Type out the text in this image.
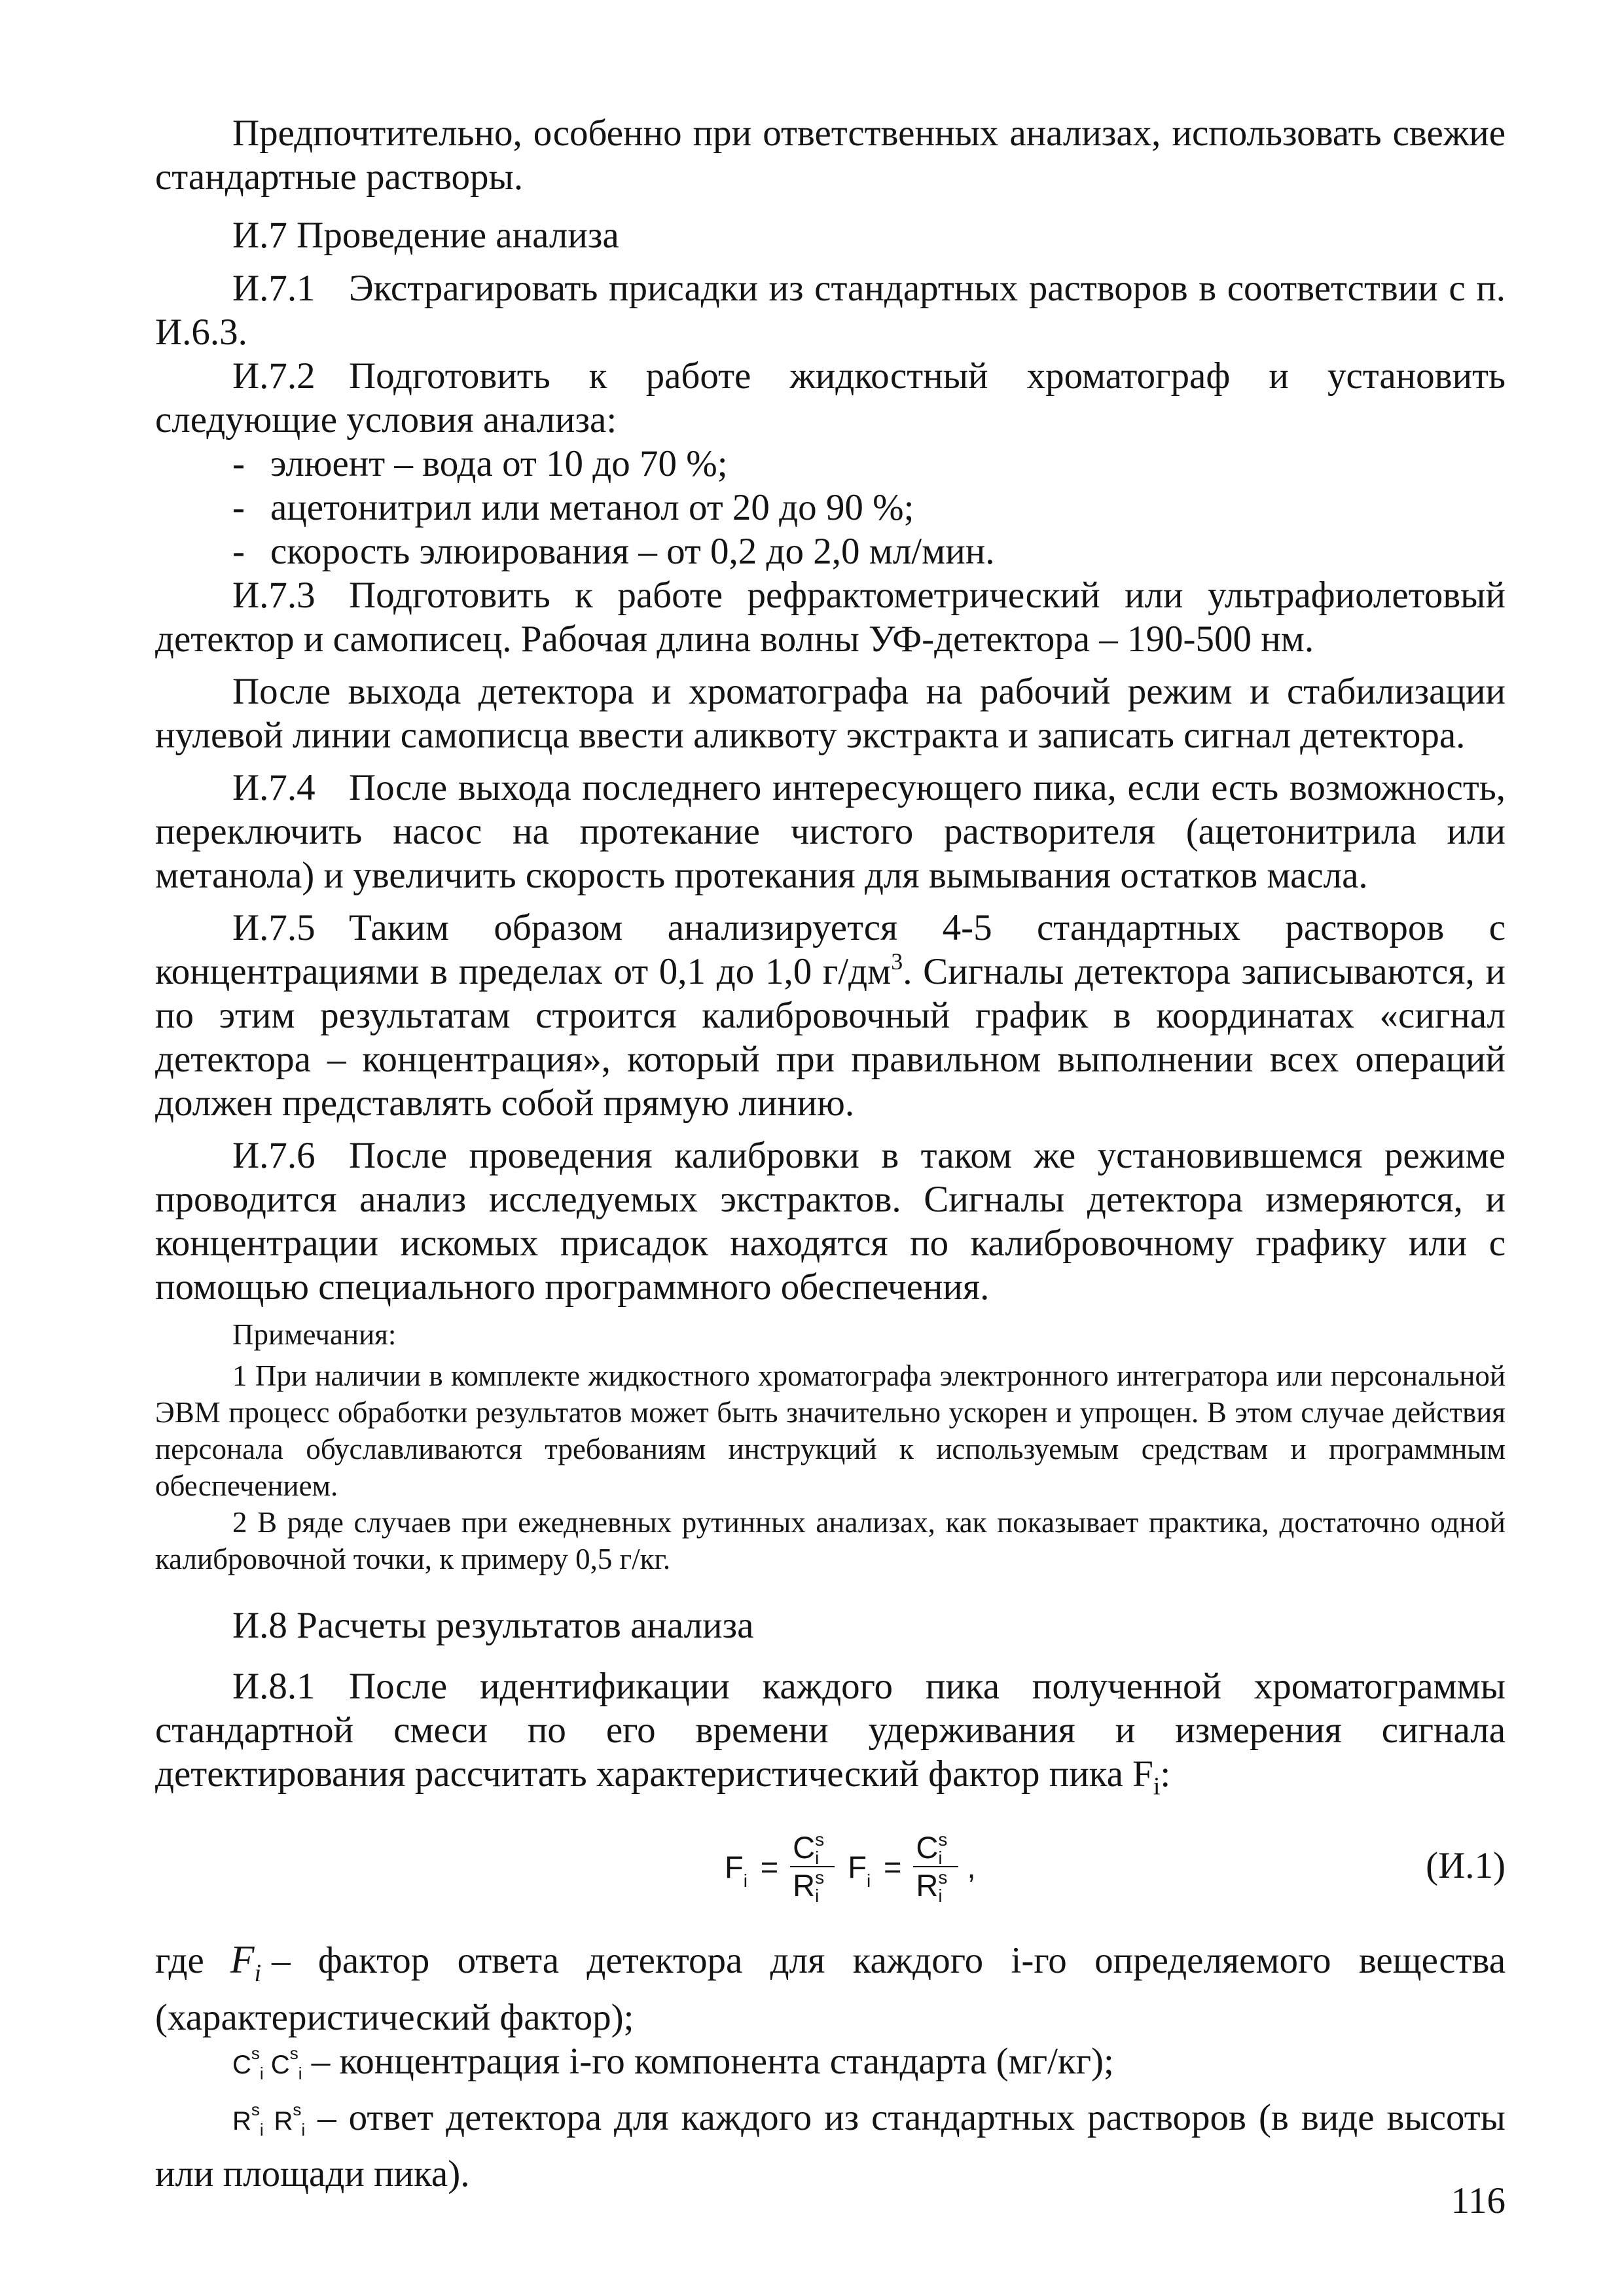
Предпочтительно, особенно при ответственных анализах, использовать свежие стандартные растворы.

И.7 Проведение анализа

И.7.1 Экстрагировать присадки из стандартных растворов в соответствии с п. И.6.3.

И.7.2 Подготовить к работе жидкостный хроматограф и установить следующие условия анализа:

- элюент – вода от 10 до 70 %;
- ацетонитрил или метанол от 20 до 90 %;
- скорость элюирования – от 0,2 до 2,0 мл/мин.

И.7.3 Подготовить к работе рефрактометрический или ультрафиолетовый детектор и самописец. Рабочая длина волны УФ-детектора – 190-500 нм.

После выхода детектора и хроматографа на рабочий режим и стабилизации нулевой линии самописца ввести аликвоту экстракта и записать сигнал детектора.

И.7.4 После выхода последнего интересующего пика, если есть возможность, переключить насос на протекание чистого растворителя (ацетонитрила или метанола) и увеличить скорость протекания для вымывания остатков масла.

И.7.5 Таким образом анализируется 4-5 стандартных растворов с концентрациями в пределах от 0,1 до 1,0 $г/дм^3$. Сигналы детектора записываются, и по этим результатам строится калибровочный график в координатах «сигнал детектора – концентрация», который при правильном выполнении всех операций должен представлять собой прямую линию.

И.7.6 После проведения калибровки в таком же установившемся режиме проводится анализ исследуемых экстрактов. Сигналы детектора измеряются, и концентрации искомых присадок находятся по калибровочному графику или с помощью специального программного обеспечения.

Примечания:

1 При наличии в комплекте жидкостного хроматографа электронного интегратора или персональной ЭВМ процесс обработки результатов может быть значительно ускорен и упрощен. В этом случае действия персонала обуславливаются требованиям инструкций к используемым средствам и программным обеспечением.

2 В ряде случаев при ежедневных рутинных анализах, как показывает практика, достаточно одной калибровочной точки, к примеру 0,5 г/кг.

И.8 Расчеты результатов анализа

И.8.1 После идентификации каждого пика полученной хроматограммы стандартной смеси по его времени удерживания и измерения сигнала детектирования рассчитать характеристический фактор пика $F_i$:

F i = C s
i

R s
i
F i = C s
i

R s
i
,	(И.1)

где $F_i$ – фактор ответа детектора для каждого i-го определяемого вещества (характеристический фактор);

$C^s_i$ $C^s_i$ – концентрация i-го компонента стандарта (мг/кг);

$R^s_i$ $R^s_i$ – ответ детектора для каждого из стандартных растворов (в виде высоты или площади пика).

116
